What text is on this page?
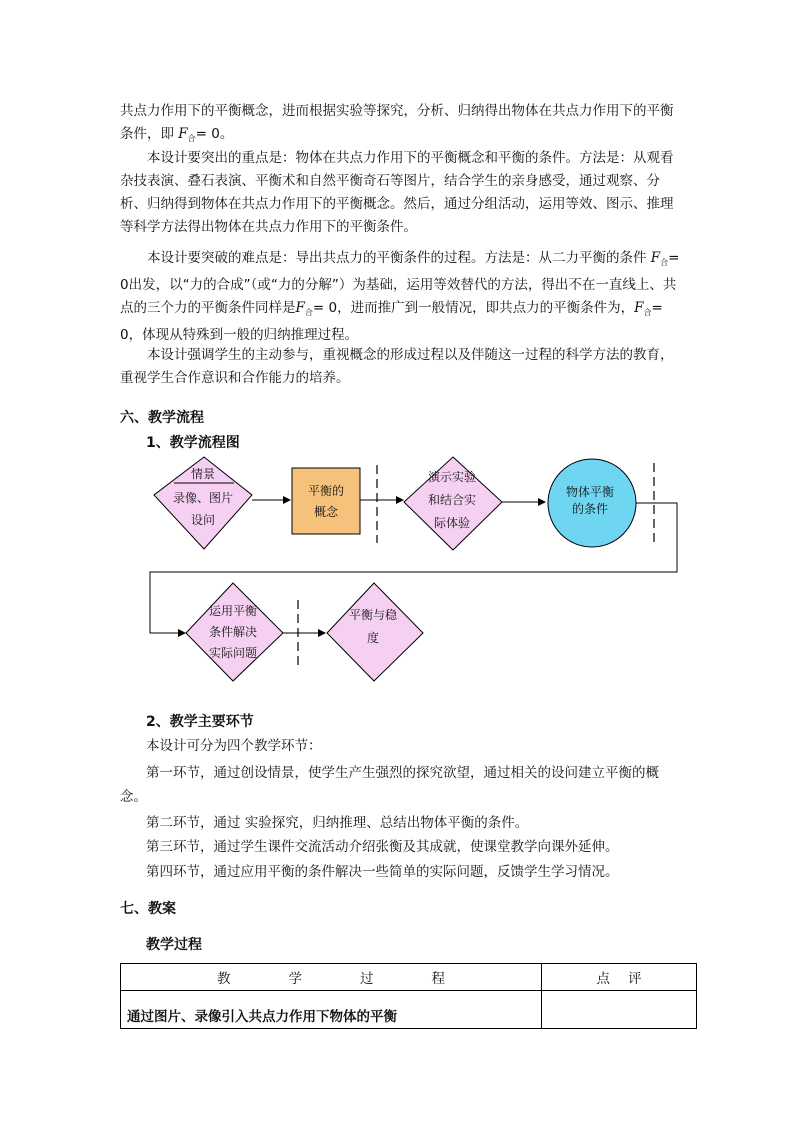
共点力作用下的平衡概念，进而根据实验等探究，分析、归纳得出物体在共点力作用下的平衡条件，即 $F_合= 0$。

本设计要突出的重点是：物体在共点力作用下的平衡概念和平衡的条件。方法是：从观看杂技表演、叠石表演、平衡术和自然平衡奇石等图片，结合学生的亲身感受，通过观察、分析、归纳得到物体在共点力作用下的平衡概念。然后，通过分组活动，运用等效、图示、推理等科学方法得出物体在共点力作用下的平衡条件。

本设计要突破的难点是：导出共点力的平衡条件的过程。方法是：从二力平衡的条件 $F_合= 0$出发，以“力的合成”（或“力的分解”）为基础，运用等效替代的方法，得出不在一直线上、共点的三个力的平衡条件同样是$F_合= 0$，进而推广到一般情况，即共点力的平衡条件为，$F_合= 0$，体现从特殊到一般的归纳推理过程。

本设计强调学生的主动参与，重视概念的形成过程以及伴随这一过程的科学方法的教育，重视学生合作意识和合作能力的培养。

六、教学流程

1、教学流程图

情景
录像、图片
设问
平衡的
概念
演示实验
和结合实
际体验
物体平衡
的条件
运用平衡
条件解决
实际问题
平衡与稳
度

2、教学主要环节

本设计可分为四个教学环节：

第一环节，通过创设情景，使学生产生强烈的探究欲望，通过相关的设问建立平衡的概

念。

第二环节，通过 实验探究，归纳推理、总结出物体平衡的条件。

第三环节，通过学生课件交流活动介绍张衡及其成就，使课堂教学向课外延伸。

第四环节，通过应用平衡的条件解决一些简单的实际问题，反馈学生学习情况。

七、教案

教学过程

教 学 过 程	点 评
通过图片、录像引入共点力作用下物体的平衡	
